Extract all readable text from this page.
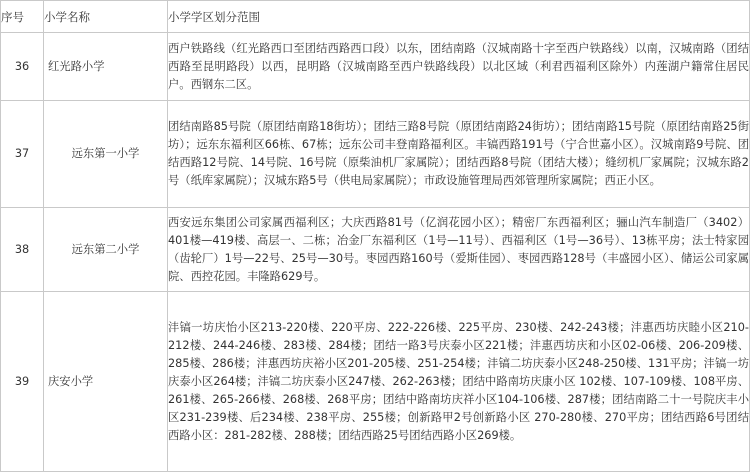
序号	小学名称	小学学区划分范围
36	红光路小学	西户铁路线（红光路西口至团结西路西口段）以东，团结南路（汉城南路十字至西户铁路线）以南，汉城南路（团结西路至昆明路段）以西，昆明路（汉城南路至西户铁路线段）以北区域（利君西福利区除外）内莲湖户籍常住居民户。西钢东二区。
37	远东第一小学	团结南路85号院（原团结南路18街坊）；团结三路8号院（原团结南路24街坊）；团结南路15号院（原团结南路25街坊）；远东东福利区66栋、67栋；远东公司丰登南路福利区。丰镐西路191号（宁合世嘉小区）。汉城南路9号院、团结西路12号院、14号院、16号院（原柴油机厂家属院）；团结西路8号院（团结大楼）；缝纫机厂家属院；汉城东路2号（纸库家属院）；汉城东路5号（供电局家属院）；市政设施管理局西郊管理所家属院；西正小区。
38	远东第二小学	西安远东集团公司家属西福利区；大庆西路81号（亿润花园小区）；精密厂东西福利区；骊山汽车制造厂（3402）401楼—419楼、高层一、二栋；冶金厂东福利区（1号—11号）、西福利区（1号—36号）、13栋平房；法士特家园（齿轮厂）1号—22号、25号—30号。枣园西路160号（爱斯佳园）、枣园西路128号（丰盛园小区）、储运公司家属院、西控花园。丰隆路629号。
39	庆安小学	沣镐一坊庆怡小区213-220楼、220平房、222-226楼、225平房、230楼、242-243楼；沣惠西坊庆睦小区210-212楼、244-246楼、283楼、284楼；团结一路3号庆泰小区221楼；沣惠西坊庆和小区02-06楼、206-209楼、285楼、286楼；沣惠西坊庆裕小区201-205楼、251-254楼；沣镐二坊庆泰小区248-250楼、131平房；沣镐一坊庆泰小区264楼；沣镐二坊庆泰小区247楼、262-263楼；团结中路南坊庆康小区 102楼、107-109楼、108平房、261楼、265-266楼、268楼、268平房；团结中路南坊庆祥小区104-106楼、287楼；团结南路二十一号院庆丰小区231-239楼、后234楼、238平房、255楼；创新路甲2号创新路小区 270-280楼、270平房；团结西路6号团结西路小区：281-282楼、288楼；团结西路25号团结西路小区269楼。
